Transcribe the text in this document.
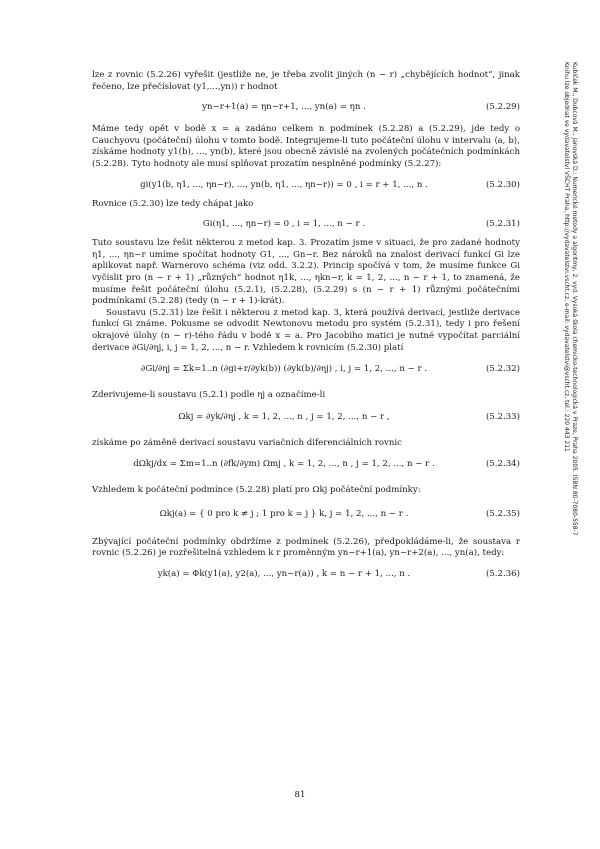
Kubíček M., Dubcová M., Janovská D.: Numerické metody a algoritmy, 2. vyd. Vysoká škola chemicko-technologická v Praze, Praha 2005. ISBN 80-7080-558-7
Knihu lze objednat ve vydavatelství VŠCHT Praha, http://vydavatelstvi.vscht.cz, e-mail: vydavatelstvi@vscht.cz, tel.: 220 443 211

lze z rovnic (5.2.26) vyřešit (jestliže ne, je třeba zvolit jiných (n − r) „chybějících hodnot“, jinak řečeno, lze přečíslovat (y1,...,yn)) r hodnot

yn−r+1(a) = ηn−r+1, ..., yn(a) = ηn .	(5.2.29)

Máme tedy opět v bodě x = a zadáno celkem n podmínek (5.2.28) a (5.2.29), jde tedy o Cauchyovu (počáteční) úlohu v tomto bodě. Integrujeme-li tuto počáteční úlohu v intervalu ⟨a, b⟩, získáme hodnoty y1(b), ..., yn(b), které jsou obecně závislé na zvolených počátečních podmínkách (5.2.28). Tyto hodnoty ale musí splňovat prozatím nesplněné podmínky (5.2.27):

gi(y1(b, η1, ..., ηn−r), ..., yn(b, η1, ..., ηn−r)) = 0 , i = r + 1, ..., n .	(5.2.30)

Rovnice (5.2.30) lze tedy chápat jako

Gi(η1, ..., ηn−r) = 0 , i = 1, ..., n − r .	(5.2.31)

Tuto soustavu lze řešit některou z metod kap. 3. Prozatím jsme v situaci, že pro zadané hodnoty η1, ..., ηn−r umíme spočítat hodnoty G1, ..., Gn−r. Bez nároků na znalost derivací funkcí Gi lze aplikovat např. Warnerovo schéma (viz odd. 3.2.2). Princip spočívá v tom, že musíme funkce Gi vyčíslit pro (n − r + 1) „různých“ hodnot η1k, ..., ηkn−r, k = 1, 2, ..., n − r + 1, to znamená, že musíme řešit počáteční úlohu (5.2.1), (5.2.28), (5.2.29) s (n − r + 1) různými počátečními podmínkami (5.2.28) (tedy (n − r + 1)-krát).

Soustavu (5.2.31) lze řešit i některou z metod kap. 3, která používá derivací, jestliže derivace funkcí Gi známe. Pokusme se odvodit Newtonovu metodu pro systém (5.2.31), tedy i pro řešení okrajové úlohy (n − r)-tého řádu v bodě x = a. Pro Jacobiho matici je nutné vypočítat parciální derivace ∂Gi/∂ηj, i, j = 1, 2, ..., n − r. Vzhledem k rovnicím (5.2.30) platí

∂Gi/∂ηj = Σk=1..n (∂gi+r/∂yk(b)) (∂yk(b)/∂ηj) , i, j = 1, 2, ..., n − r .	(5.2.32)

Zderivujeme-li soustavu (5.2.1) podle ηj a označíme-li

Ωkj = ∂yk/∂ηj , k = 1, 2, ..., n , j = 1, 2, ..., n − r ,	(5.2.33)

získáme po záměně derivací soustavu variačních diferenciálních rovnic

dΩkj/dx = Σm=1..n (∂fk/∂ym) Ωmj , k = 1, 2, ..., n , j = 1, 2, ..., n − r .	(5.2.34)

Vzhledem k počáteční podmínce (5.2.28) platí pro Ωkj počáteční podmínky:

Ωkj(a) = { 0 pro k ≠ j ; 1 pro k = j } k, j = 1, 2, ..., n − r .	(5.2.35)

Zbývající počáteční podmínky obdržíme z podmínek (5.2.26), předpokládáme-li, že soustava r rovnic (5.2.26) je rozřešitelná vzhledem k r proměnným yn−r+1(a), yn−r+2(a), ..., yn(a), tedy:

yk(a) = Φk(y1(a), y2(a), ..., yn−r(a)) , k = n − r + 1, ..., n .	(5.2.36)
81
